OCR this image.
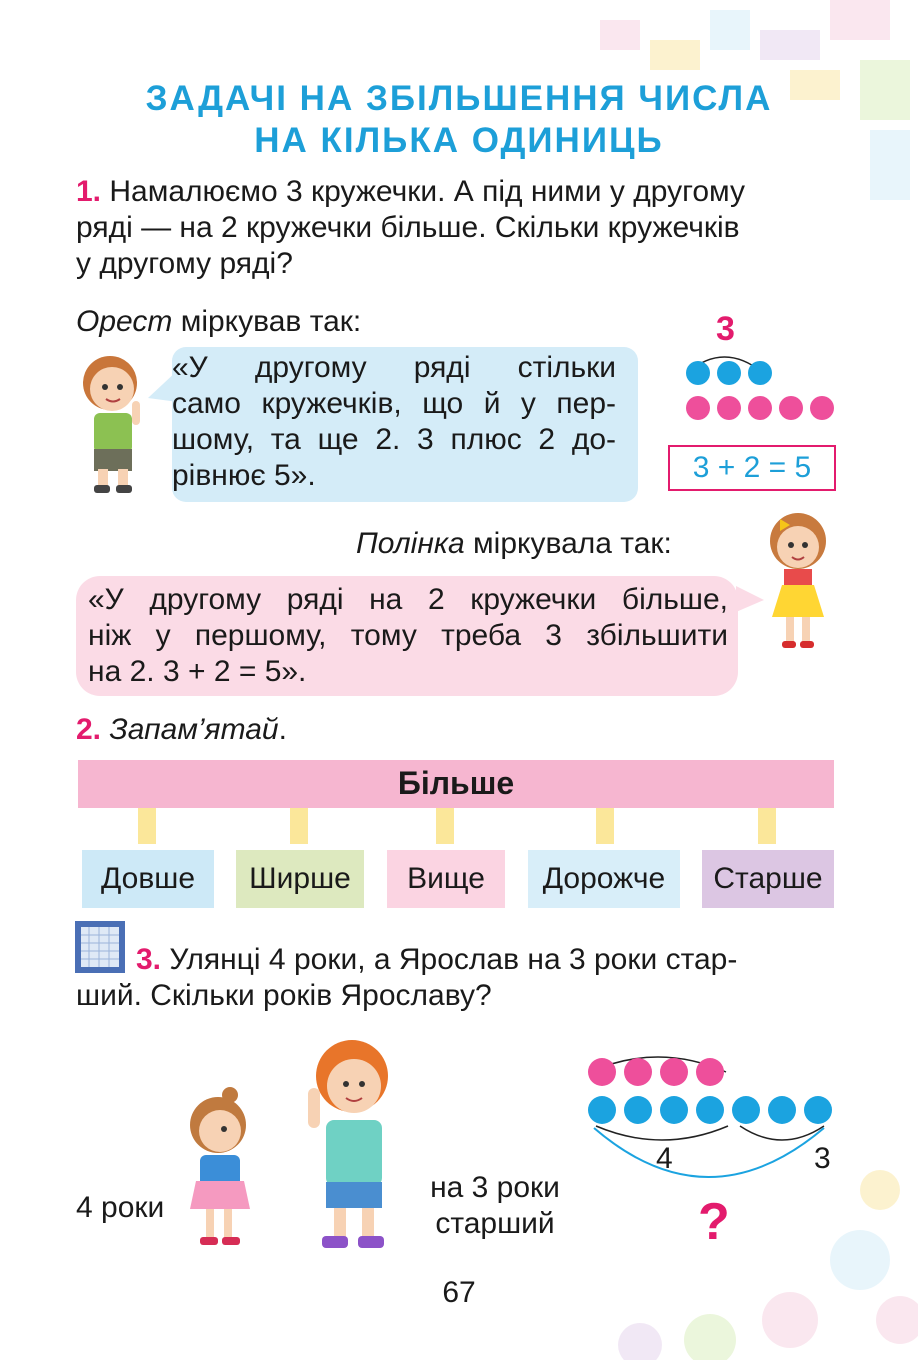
ЗАДАЧІ НА ЗБІЛЬШЕННЯ ЧИСЛА
НА КІЛЬКА ОДИНИЦЬ
1. Намалюємо 3 кружечки. А під ними у другому
ряді — на 2 кружечки більше. Скільки кружечків
у другому ряді?
Орест міркував так:
«У другому ряді стільки
само кружечків, що й у пер-
шому, та ще 2. 3 плюс 2 до-
рівнює 5».
3
3 + 2 = 5
Полінка міркувала так:
«У другому ряді на 2 кружечки більше,
ніж у першому, тому треба 3 збільшити
на 2. 3 + 2 = 5».
2. Запам’ятай.
Більше
Довше	Ширше	Вище	Дорожче	Старше
3. Улянці 4 роки, а Ярослав на 3 роки стар-
ший. Скільки років Ярославу?
4 роки
на 3 роки
старший
4	3
?
67
